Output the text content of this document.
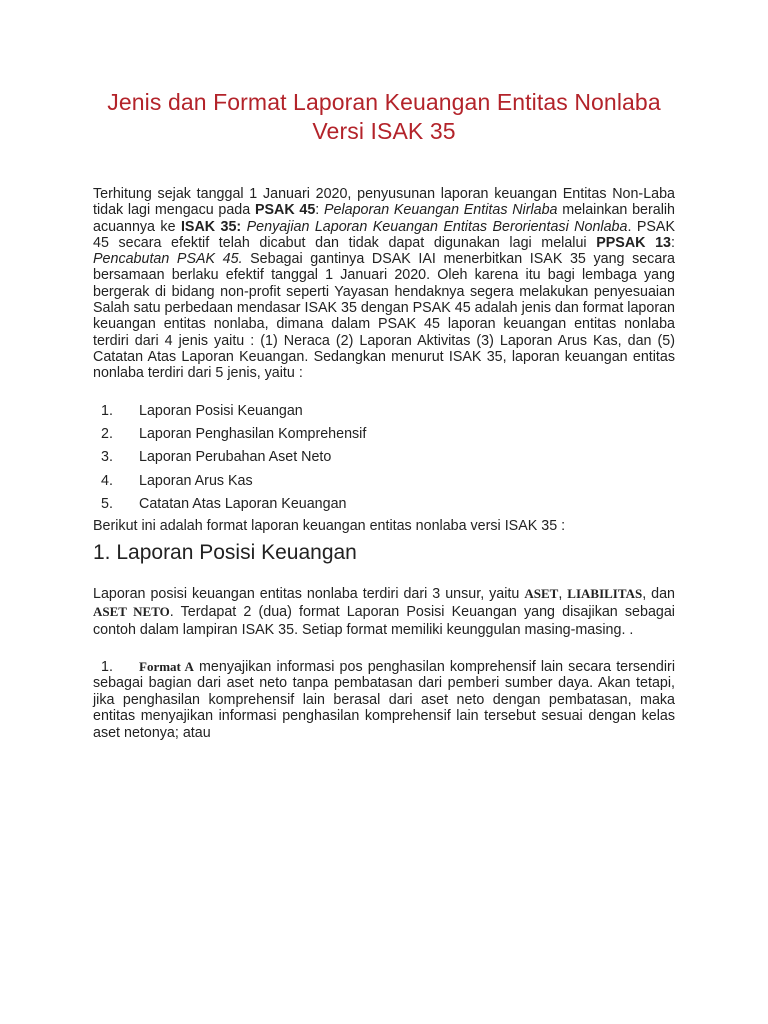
Jenis dan Format Laporan Keuangan Entitas Nonlaba Versi ISAK 35

Terhitung sejak tanggal 1 Januari 2020, penyusunan laporan keuangan Entitas Non-Laba tidak lagi mengacu pada PSAK 45: Pelaporan Keuangan Entitas Nirlaba melainkan beralih acuannya ke ISAK 35: Penyajian Laporan Keuangan Entitas Berorientasi Nonlaba. PSAK 45 secara efektif telah dicabut dan tidak dapat digunakan lagi melalui PPSAK 13: Pencabutan PSAK 45. Sebagai gantinya DSAK IAI menerbitkan ISAK 35 yang secara bersamaan berlaku efektif tanggal 1 Januari 2020. Oleh karena itu bagi lembaga yang bergerak di bidang non-profit seperti Yayasan hendaknya segera melakukan penyesuaian Salah satu perbedaan mendasar ISAK 35 dengan PSAK 45 adalah jenis dan format laporan keuangan entitas nonlaba, dimana dalam PSAK 45 laporan keuangan entitas nonlaba terdiri dari 4 jenis yaitu : (1) Neraca (2) Laporan Aktivitas (3) Laporan Arus Kas, dan (5) Catatan Atas Laporan Keuangan. Sedangkan menurut ISAK 35, laporan keuangan entitas nonlaba terdiri dari 5 jenis, yaitu :

1. Laporan Posisi Keuangan
2. Laporan Penghasilan Komprehensif
3. Laporan Perubahan Aset Neto
4. Laporan Arus Kas
5. Catatan Atas Laporan Keuangan

Berikut ini adalah format laporan keuangan entitas nonlaba versi ISAK 35 :

1. Laporan Posisi Keuangan

Laporan posisi keuangan entitas nonlaba terdiri dari 3 unsur, yaitu ASET, LIABILITAS, dan ASET NETO. Terdapat 2 (dua) format Laporan Posisi Keuangan yang disajikan sebagai contoh dalam lampiran ISAK 35. Setiap format memiliki keunggulan masing-masing. .

1. Format A menyajikan informasi pos penghasilan komprehensif lain secara tersendiri sebagai bagian dari aset neto tanpa pembatasan dari pemberi sumber daya. Akan tetapi, jika penghasilan komprehensif lain berasal dari aset neto dengan pembatasan, maka entitas menyajikan informasi penghasilan komprehensif lain tersebut sesuai dengan kelas aset netonya; atau
